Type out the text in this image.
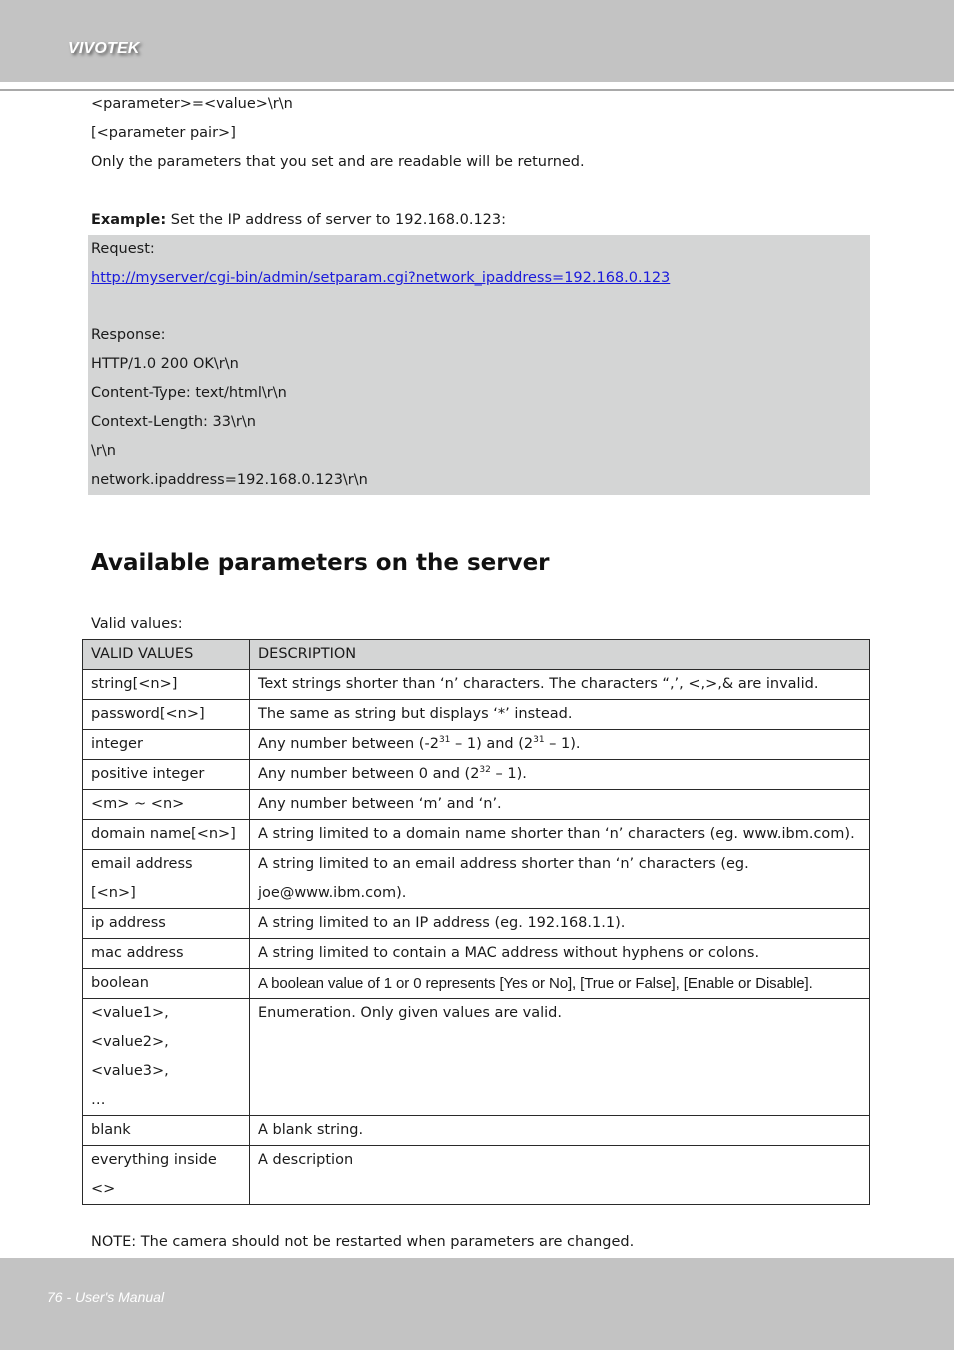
VIVOTEK
<parameter>=<value>\r\n
[<parameter pair>]
Only the parameters that you set and are readable will be returned.
Example: Set the IP address of server to 192.168.0.123:
Request:
http://myserver/cgi-bin/admin/setparam.cgi?network_ipaddress=192.168.0.123
Response:
HTTP/1.0 200 OK\r\n
Content-Type: text/html\r\n
Context-Length: 33\r\n
\r\n
network.ipaddress=192.168.0.123\r\n
Available parameters on the server
Valid values:
VALID VALUES	DESCRIPTION
string[<n>]	Text strings shorter than ‘n’ characters. The characters “,’, <,>,& are invalid.
password[<n>]	The same as string but displays ‘*’ instead.
integer	Any number between $(-2^{31} - 1)$ and $(2^{31} - 1)$.
positive integer	Any number between 0 and $(2^{32} - 1)$.
<m> ~ <n>	Any number between ‘m’ and ‘n’.
domain name[<n>]	A string limited to a domain name shorter than ‘n’ characters (eg. www.ibm.com).
email address [<n>]	A string limited to an email address shorter than ‘n’ characters (eg.
joe@www.ibm.com).

ip address	A string limited to an IP address (eg. 192.168.1.1).
mac address	A string limited to contain a MAC address without hyphens or colons.
boolean	A boolean value of 1 or 0 represents [Yes or No], [True or False], [Enable or Disable].

<value1>,
<value2>,
<value3>,
…	Enumeration. Only given values are valid.
blank	A blank string.

everything inside
<>	A description
NOTE: The camera should not be restarted when parameters are changed.
76 - User's Manual
